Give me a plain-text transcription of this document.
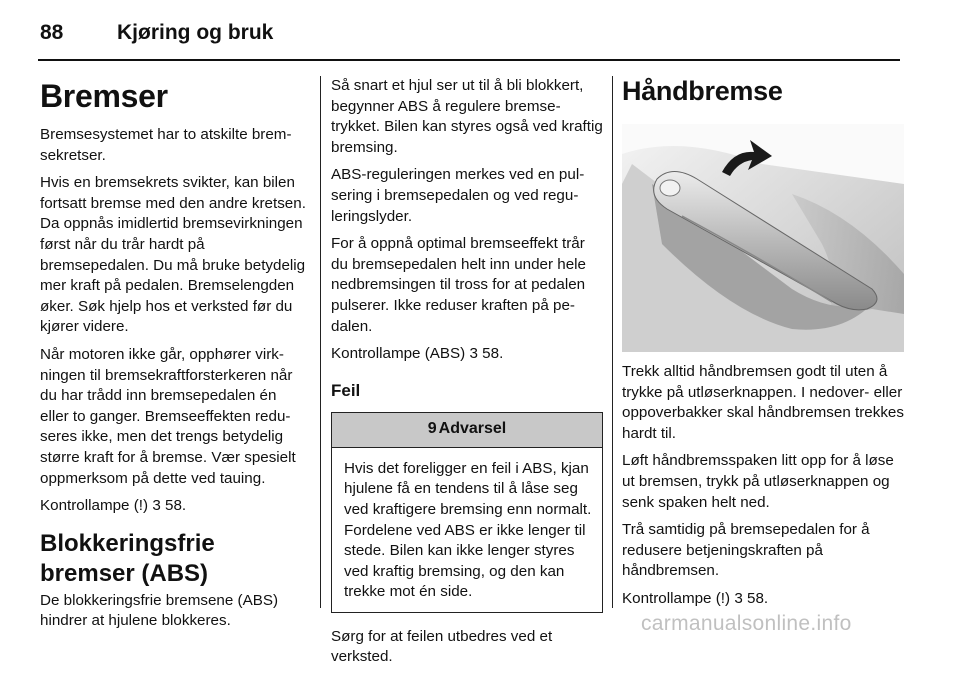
88	Kjøring og bruk
Bremser

Bremsesystemet har to atskilte bremsekretser.

Hvis en bremsekrets svikter, kan bilen fortsatt bremse med den andre kretsen. Da oppnås imidlertid bremsevirkningen først når du trår hardt på bremsepedalen. Du må bruke betydelig mer kraft på pedalen. Bremselengden øker. Søk hjelp hos et verksted før du kjører videre.

Når motoren ikke går, opphører virkningen til bremsekraftforsterkeren når du har trådd inn bremsepedalen én eller to ganger. Bremseeffekten reduseres ikke, men det trengs betydelig større kraft for å bremse. Vær spesielt oppmerksom på dette ved tauing.

Kontrollampe (!) 3 58.

Blokkeringsfrie bremser (ABS)

De blokkeringsfrie bremsene (ABS) hindrer at hjulene blokkeres.

Så snart et hjul ser ut til å bli blokkert, begynner ABS å regulere bremsetrykket. Bilen kan styres også ved kraftig bremsing.

ABS-reguleringen merkes ved en pulsering i bremsepedalen og ved reguleringslyder.

For å oppnå optimal bremseeffekt trår du bremsepedalen helt inn under hele nedbremsingen til tross for at pedalen pulserer. Ikke reduser kraften på pedalen.

Kontrollampe (ABS) 3 58.

Feil
9 Advarsel
Hvis det foreligger en feil i ABS, kjan hjulene få en tendens til å låse seg ved kraftigere bremsing enn normalt. Fordelene ved ABS er ikke lenger til stede. Bilen kan ikke lenger styres ved kraftig bremsing, og den kan trekke mot én side.

Sørg for at feilen utbedres ved et verksted.

Håndbremse

Trekk alltid håndbremsen godt til uten å trykke på utløserknappen. I nedover- eller oppoverbakker skal håndbremsen trekkes hardt til.

Løft håndbremsspaken litt opp for å løse ut bremsen, trykk på utløserknappen og senk spaken helt ned.

Trå samtidig på bremsepedalen for å redusere betjeningskraften på håndbremsen.

Kontrollampe (!) 3 58.

carmanualsonline.info
